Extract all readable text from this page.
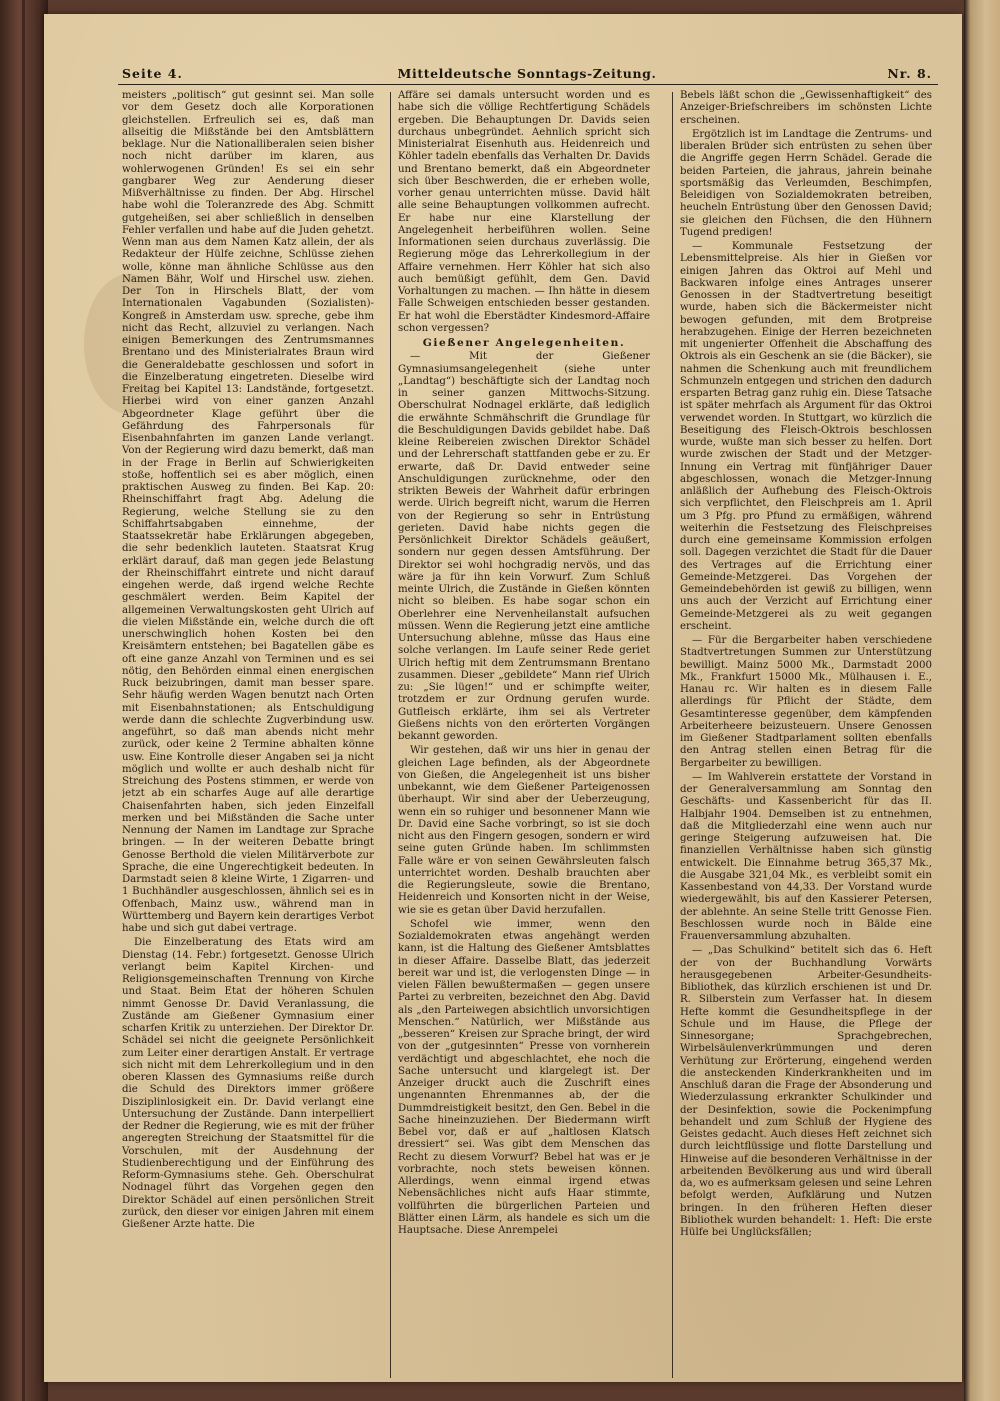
Seite 4.	Mitteldeutsche Sonntags-Zeitung.	Nr. 8.

meisters „politisch“ gut gesinnt sei. Man solle vor dem Gesetz doch alle Korporationen gleichstellen. Erfreulich sei es, daß man allseitig die Mißstände bei den Amtsblättern beklage. Nur die Nationalliberalen seien bisher noch nicht darüber im klaren, aus wohlerwogenen Gründen! Es sei ein sehr gangbarer Weg zur Aenderung dieser Mißverhältnisse zu finden. Der Abg. Hirschel habe wohl die Toleranzrede des Abg. Schmitt gutgeheißen, sei aber schließlich in denselben Fehler verfallen und habe auf die Juden gehetzt. Wenn man aus dem Namen Katz allein, der als Redakteur der Hülfe zeichne, Schlüsse ziehen wolle, könne man ähnliche Schlüsse aus den Namen Bähr, Wolf und Hirschel usw. ziehen. Der Ton in Hirschels Blatt, der vom Internationalen Vagabunden (Sozialisten)-Kongreß in Amsterdam usw. spreche, gebe ihm nicht das Recht, allzuviel zu verlangen. Nach einigen Bemerkungen des Zentrumsmannes Brentano und des Ministerialrates Braun wird die Generaldebatte geschlossen und sofort in die Einzelberatung eingetreten. Dieselbe wird Freitag bei Kapitel 13: Landstände, fortgesetzt. Hierbei wird von einer ganzen Anzahl Abgeordneter Klage geführt über die Gefährdung des Fahrpersonals für Eisenbahnfahrten im ganzen Lande verlangt. Von der Regierung wird dazu bemerkt, daß man in der Frage in Berlin auf Schwierigkeiten stoße, hoffentlich sei es aber möglich, einen praktischen Ausweg zu finden. Bei Kap. 20: Rheinschiffahrt fragt Abg. Adelung die Regierung, welche Stellung sie zu den Schiffahrtsabgaben einnehme, der Staatssekretär habe Erklärungen abgegeben, die sehr bedenklich lauteten. Staatsrat Krug erklärt darauf, daß man gegen jede Belastung der Rheinschiffahrt eintrete und nicht darauf eingehen werde, daß irgend welche Rechte geschmälert werden. Beim Kapitel der allgemeinen Verwaltungskosten geht Ulrich auf die vielen Mißstände ein, welche durch die oft unerschwinglich hohen Kosten bei den Kreisämtern entstehen; bei Bagatellen gäbe es oft eine ganze Anzahl von Terminen und es sei nötig, den Behörden einmal einen energischen Ruck beizubringen, damit man besser spare. Sehr häufig werden Wagen benutzt nach Orten mit Eisenbahnstationen; als Entschuldigung werde dann die schlechte Zugverbindung usw. angeführt, so daß man abends nicht mehr zurück, oder keine 2 Termine abhalten könne usw. Eine Kontrolle dieser Angaben sei ja nicht möglich und wollte er auch deshalb nicht für Streichung des Postens stimmen, er werde von jetzt ab ein scharfes Auge auf alle derartige Chaisenfahrten haben, sich jeden Einzelfall merken und bei Mißständen die Sache unter Nennung der Namen im Landtage zur Sprache bringen. — In der weiteren Debatte bringt Genosse Berthold die vielen Militärverbote zur Sprache, die eine Ungerechtigkeit bedeuten. In Darmstadt seien 8 kleine Wirte, 1 Zigarren- und 1 Buchhändler ausgeschlossen, ähnlich sei es in Offenbach, Mainz usw., während man in Württemberg und Bayern kein derartiges Verbot habe und sich gut dabei vertrage.

Die Einzelberatung des Etats wird am Dienstag (14. Febr.) fortgesetzt. Genosse Ulrich verlangt beim Kapitel Kirchen- und Religionsgemeinschaften Trennung von Kirche und Staat. Beim Etat der höheren Schulen nimmt Genosse Dr. David Veranlassung, die Zustände am Gießener Gymnasium einer scharfen Kritik zu unterziehen. Der Direktor Dr. Schädel sei nicht die geeignete Persönlichkeit zum Leiter einer derartigen Anstalt. Er vertrage sich nicht mit dem Lehrerkollegium und in den oberen Klassen des Gymnasiums reiße durch die Schuld des Direktors immer größere Disziplinlosigkeit ein. Dr. David verlangt eine Untersuchung der Zustände. Dann interpelliert der Redner die Regierung, wie es mit der früher angeregten Streichung der Staatsmittel für die Vorschulen, mit der Ausdehnung der Studienberechtigung und der Einführung des Reform-Gymnasiums stehe. Geh. Oberschulrat Nodnagel führt das Vorgehen gegen den Direktor Schädel auf einen persönlichen Streit zurück, den dieser vor einigen Jahren mit einem Gießener Arzte hatte. Die

Affäre sei damals untersucht worden und es habe sich die völlige Rechtfertigung Schädels ergeben. Die Behauptungen Dr. Davids seien durchaus unbegründet. Aehnlich spricht sich Ministerialrat Eisenhuth aus. Heidenreich und Köhler tadeln ebenfalls das Verhalten Dr. Davids und Brentano bemerkt, daß ein Abgeordneter sich über Beschwerden, die er erheben wolle, vorher genau unterrichten müsse. David hält alle seine Behauptungen vollkommen aufrecht. Er habe nur eine Klarstellung der Angelegenheit herbeiführen wollen. Seine Informationen seien durchaus zuverlässig. Die Regierung möge das Lehrerkollegium in der Affaire vernehmen. Herr Köhler hat sich also auch bemüßigt gefühlt, dem Gen. David Vorhaltungen zu machen. — Ihn hätte in diesem Falle Schweigen entschieden besser gestanden. Er hat wohl die Eberstädter Kindesmord-Affaire schon vergessen?

Gießener Angelegenheiten.

— Mit der Gießener Gymnasiumsangelegenheit (siehe unter „Landtag“) beschäftigte sich der Landtag noch in seiner ganzen Mittwochs-Sitzung. Oberschulrat Nodnagel erklärte, daß lediglich die erwähnte Schmähschrift die Grundlage für die Beschuldigungen Davids gebildet habe. Daß kleine Reibereien zwischen Direktor Schädel und der Lehrerschaft stattfanden gebe er zu. Er erwarte, daß Dr. David entweder seine Anschuldigungen zurücknehme, oder den strikten Beweis der Wahrheit dafür erbringen werde. Ulrich begreift nicht, warum die Herren von der Regierung so sehr in Entrüstung gerieten. David habe nichts gegen die Persönlichkeit Direktor Schädels geäußert, sondern nur gegen dessen Amtsführung. Der Direktor sei wohl hochgradig nervös, und das wäre ja für ihn kein Vorwurf. Zum Schluß meinte Ulrich, die Zustände in Gießen könnten nicht so bleiben. Es habe sogar schon ein Oberlehrer eine Nervenheilanstalt aufsuchen müssen. Wenn die Regierung jetzt eine amtliche Untersuchung ablehne, müsse das Haus eine solche verlangen. Im Laufe seiner Rede geriet Ulrich heftig mit dem Zentrumsmann Brentano zusammen. Dieser „gebildete“ Mann rief Ulrich zu: „Sie lügen!“ und er schimpfte weiter, trotzdem er zur Ordnung gerufen wurde. Gutfleisch erklärte, ihm sei als Vertreter Gießens nichts von den erörterten Vorgängen bekannt geworden.

Wir gestehen, daß wir uns hier in genau der gleichen Lage befinden, als der Abgeordnete von Gießen, die Angelegenheit ist uns bisher unbekannt, wie dem Gießener Parteigenossen überhaupt. Wir sind aber der Ueberzeugung, wenn ein so ruhiger und besonnener Mann wie Dr. David eine Sache vorbringt, so ist sie doch nicht aus den Fingern gesogen, sondern er wird seine guten Gründe haben. Im schlimmsten Falle wäre er von seinen Gewährsleuten falsch unterrichtet worden. Deshalb brauchten aber die Regierungsleute, sowie die Brentano, Heidenreich und Konsorten nicht in der Weise, wie sie es getan über David herzufallen.

Schofel wie immer, wenn den Sozialdemokraten etwas angehängt werden kann, ist die Haltung des Gießener Amtsblattes in dieser Affaire. Dasselbe Blatt, das jederzeit bereit war und ist, die verlogensten Dinge — in vielen Fällen bewußtermaßen — gegen unsere Partei zu verbreiten, bezeichnet den Abg. David als „den Parteiwegen absichtlich unvorsichtigen Menschen.“ Natürlich, wer Mißstände aus „besseren“ Kreisen zur Sprache bringt, der wird von der „gutgesinnten“ Presse von vornherein verdächtigt und abgeschlachtet, ehe noch die Sache untersucht und klargelegt ist. Der Anzeiger druckt auch die Zuschrift eines ungenannten Ehrenmannes ab, der die Dummdreistigkeit besitzt, den Gen. Bebel in die Sache hineinzuziehen. Der Biedermann wirft Bebel vor, daß er auf „haltlosen Klatsch dressiert“ sei. Was gibt dem Menschen das Recht zu diesem Vorwurf? Bebel hat was er je vorbrachte, noch stets beweisen können. Allerdings, wenn einmal irgend etwas Nebensächliches nicht aufs Haar stimmte, vollführten die bürgerlichen Parteien und Blätter einen Lärm, als handele es sich um die Hauptsache. Diese Anrempelei

Bebels läßt schon die „Gewissenhaftigkeit“ des Anzeiger-Briefschreibers im schönsten Lichte erscheinen.

Ergötzlich ist im Landtage die Zentrums- und liberalen Brüder sich entrüsten zu sehen über die Angriffe gegen Herrn Schädel. Gerade die beiden Parteien, die jahraus, jahrein beinahe sportsmäßig das Verleumden, Beschimpfen, Beleidigen von Sozialdemokraten betreiben, heucheln Entrüstung über den Genossen David; sie gleichen den Füchsen, die den Hühnern Tugend predigen!

— Kommunale Festsetzung der Lebensmittelpreise. Als hier in Gießen vor einigen Jahren das Oktroi auf Mehl und Backwaren infolge eines Antrages unserer Genossen in der Stadtvertretung beseitigt wurde, haben sich die Bäckermeister nicht bewogen gefunden, mit dem Brotpreise herabzugehen. Einige der Herren bezeichneten mit ungenierter Offenheit die Abschaffung des Oktrois als ein Geschenk an sie (die Bäcker), sie nahmen die Schenkung auch mit freundlichem Schmunzeln entgegen und strichen den dadurch ersparten Betrag ganz ruhig ein. Diese Tatsache ist später mehrfach als Argument für das Oktroi verwendet worden. In Stuttgart, wo kürzlich die Beseitigung des Fleisch-Oktrois beschlossen wurde, wußte man sich besser zu helfen. Dort wurde zwischen der Stadt und der Metzger-Innung ein Vertrag mit fünfjähriger Dauer abgeschlossen, wonach die Metzger-Innung anläßlich der Aufhebung des Fleisch-Oktrois sich verpflichtet, den Fleischpreis am 1. April um 3 Pfg. pro Pfund zu ermäßigen, während weiterhin die Festsetzung des Fleischpreises durch eine gemeinsame Kommission erfolgen soll. Dagegen verzichtet die Stadt für die Dauer des Vertrages auf die Errichtung einer Gemeinde-Metzgerei. Das Vorgehen der Gemeindebehörden ist gewiß zu billigen, wenn uns auch der Verzicht auf Errichtung einer Gemeinde-Metzgerei als zu weit gegangen erscheint.

— Für die Bergarbeiter haben verschiedene Stadtvertretungen Summen zur Unterstützung bewilligt. Mainz 5000 Mk., Darmstadt 2000 Mk., Frankfurt 15000 Mk., Mülhausen i. E., Hanau rc. Wir halten es in diesem Falle allerdings für Pflicht der Städte, dem Gesamtinteresse gegenüber, dem kämpfenden Arbeiterheere beizusteuern. Unsere Genossen im Gießener Stadtparlament sollten ebenfalls den Antrag stellen einen Betrag für die Bergarbeiter zu bewilligen.

— Im Wahlverein erstattete der Vorstand in der Generalversammlung am Sonntag den Geschäfts- und Kassenbericht für das II. Halbjahr 1904. Demselben ist zu entnehmen, daß die Mitgliederzahl eine wenn auch nur geringe Steigerung aufzuweisen hat. Die finanziellen Verhältnisse haben sich günstig entwickelt. Die Einnahme betrug 365,37 Mk., die Ausgabe 321,04 Mk., es verbleibt somit ein Kassenbestand von 44,33. Der Vorstand wurde wiedergewählt, bis auf den Kassierer Petersen, der ablehnte. An seine Stelle tritt Genosse Fien. Beschlossen wurde noch in Bälde eine Frauenversammlung abzuhalten.

— „Das Schulkind“ betitelt sich das 6. Heft der von der Buchhandlung Vorwärts herausgegebenen Arbeiter-Gesundheits-Bibliothek, das kürzlich erschienen ist und Dr. R. Silberstein zum Verfasser hat. In diesem Hefte kommt die Gesundheitspflege in der Schule und im Hause, die Pflege der Sinnesorgane; Sprachgebrechen, Wirbelsäulenverkrümmungen und deren Verhütung zur Erörterung, eingehend werden die ansteckenden Kinderkrankheiten und im Anschluß daran die Frage der Absonderung und Wiederzulassung erkrankter Schulkinder und der Desinfektion, sowie die Pockenimpfung behandelt und zum Schluß der Hygiene des Geistes gedacht. Auch dieses Heft zeichnet sich durch leichtflüssige und flotte Darstellung und Hinweise auf die besonderen Verhältnisse in der arbeitenden Bevölkerung aus und wird überall da, wo es aufmerksam gelesen und seine Lehren befolgt werden, Aufklärung und Nutzen bringen. In den früheren Heften dieser Bibliothek wurden behandelt: 1. Heft: Die erste Hülfe bei Unglücksfällen;
